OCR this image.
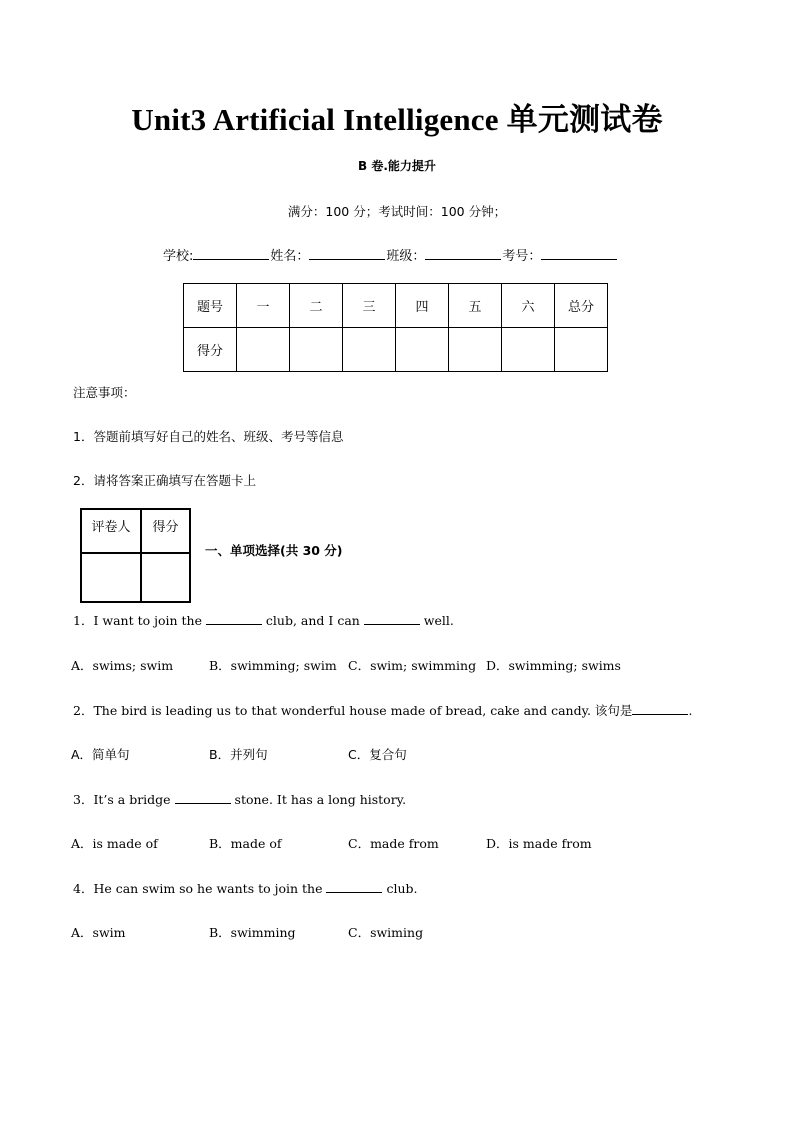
Unit3 Artificial Intelligence 单元测试卷
B 卷.能力提升
满分：100 分；考试时间：100 分钟；
学校:	姓名：	班级：	考号：
题号	一	二	三	四	五	六	总分
得分							
注意事项：
1．答题前填写好自己的姓名、班级、考号等信息
2．请将答案正确填写在答题卡上
评卷人	得分

一、单项选择(共 30 分)
1．I want to join the	club, and I can	well.
A．swims; swim	B．swimming; swim C．swim; swimming D．swimming; swims
2．The bird is leading us to that wonderful house made of bread, cake and candy. 该句是	.
A．简单句	B．并列句	C．复合句
3．It’s a bridge	stone. It has a long history.
A．is made of	B．made of	C．made from	D．is made from
4．He can swim so he wants to join the	club.
A．swim	B．swimming	C．swiming
